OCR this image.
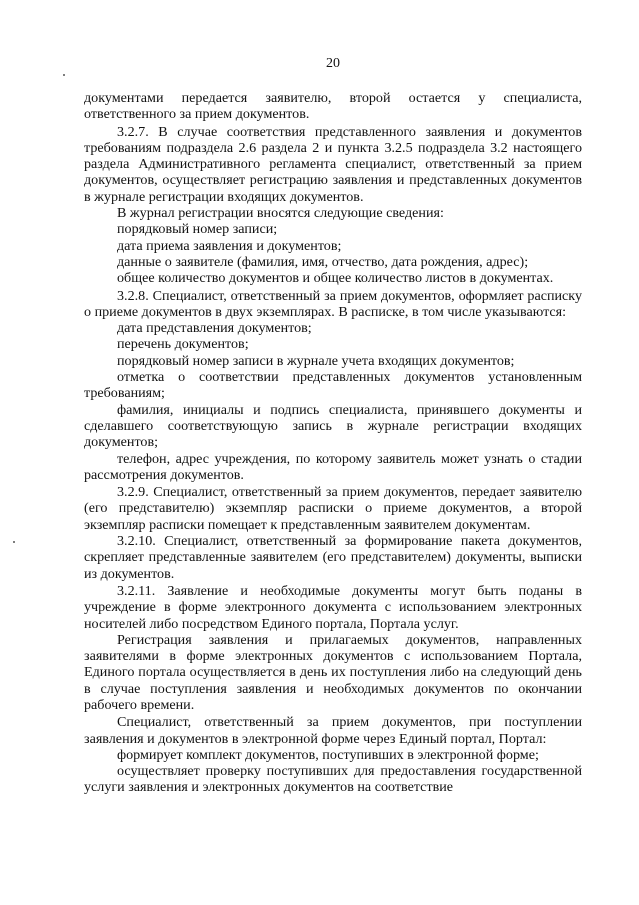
20

документами передается заявителю, второй остается у специалиста, ответственного за прием документов.

3.2.7. В случае соответствия представленного заявления и документов требованиям подраздела 2.6 раздела 2 и пункта 3.2.5 подраздела 3.2 настоящего раздела Административного регламента специалист, ответственный за прием документов, осуществляет регистрацию заявления и представленных документов в журнале регистрации входящих документов.

В журнал регистрации вносятся следующие сведения:

порядковый номер записи;

дата приема заявления и документов;

данные о заявителе (фамилия, имя, отчество, дата рождения, адрес);

общее количество документов и общее количество листов в документах.

3.2.8. Специалист, ответственный за прием документов, оформляет расписку о приеме документов в двух экземплярах. В расписке, в том числе указываются:

дата представления документов;

перечень документов;

порядковый номер записи в журнале учета входящих документов;

отметка о соответствии представленных документов установленным требованиям;

фамилия, инициалы и подпись специалиста, принявшего документы и сделавшего соответствующую запись в журнале регистрации входящих документов;

телефон, адрес учреждения, по которому заявитель может узнать о стадии рассмотрения документов.

3.2.9. Специалист, ответственный за прием документов, передает заявителю (его представителю) экземпляр расписки о приеме документов, а второй экземпляр расписки помещает к представленным заявителем документам.

3.2.10. Специалист, ответственный за формирование пакета документов, скрепляет представленные заявителем (его представителем) документы, выписки из документов.

3.2.11. Заявление и необходимые документы могут быть поданы в учреждение в форме электронного документа с использованием электронных носителей либо посредством Единого портала, Портала услуг.

Регистрация заявления и прилагаемых документов, направленных заявителями в форме электронных документов с использованием Портала, Единого портала осуществляется в день их поступления либо на следующий день в случае поступления заявления и необходимых документов по окончании рабочего времени.

Специалист, ответственный за прием документов, при поступлении заявления и документов в электронной форме через Единый портал, Портал:

формирует комплект документов, поступивших в электронной форме;

осуществляет проверку поступивших для предоставления государственной услуги заявления и электронных документов на соответствие
